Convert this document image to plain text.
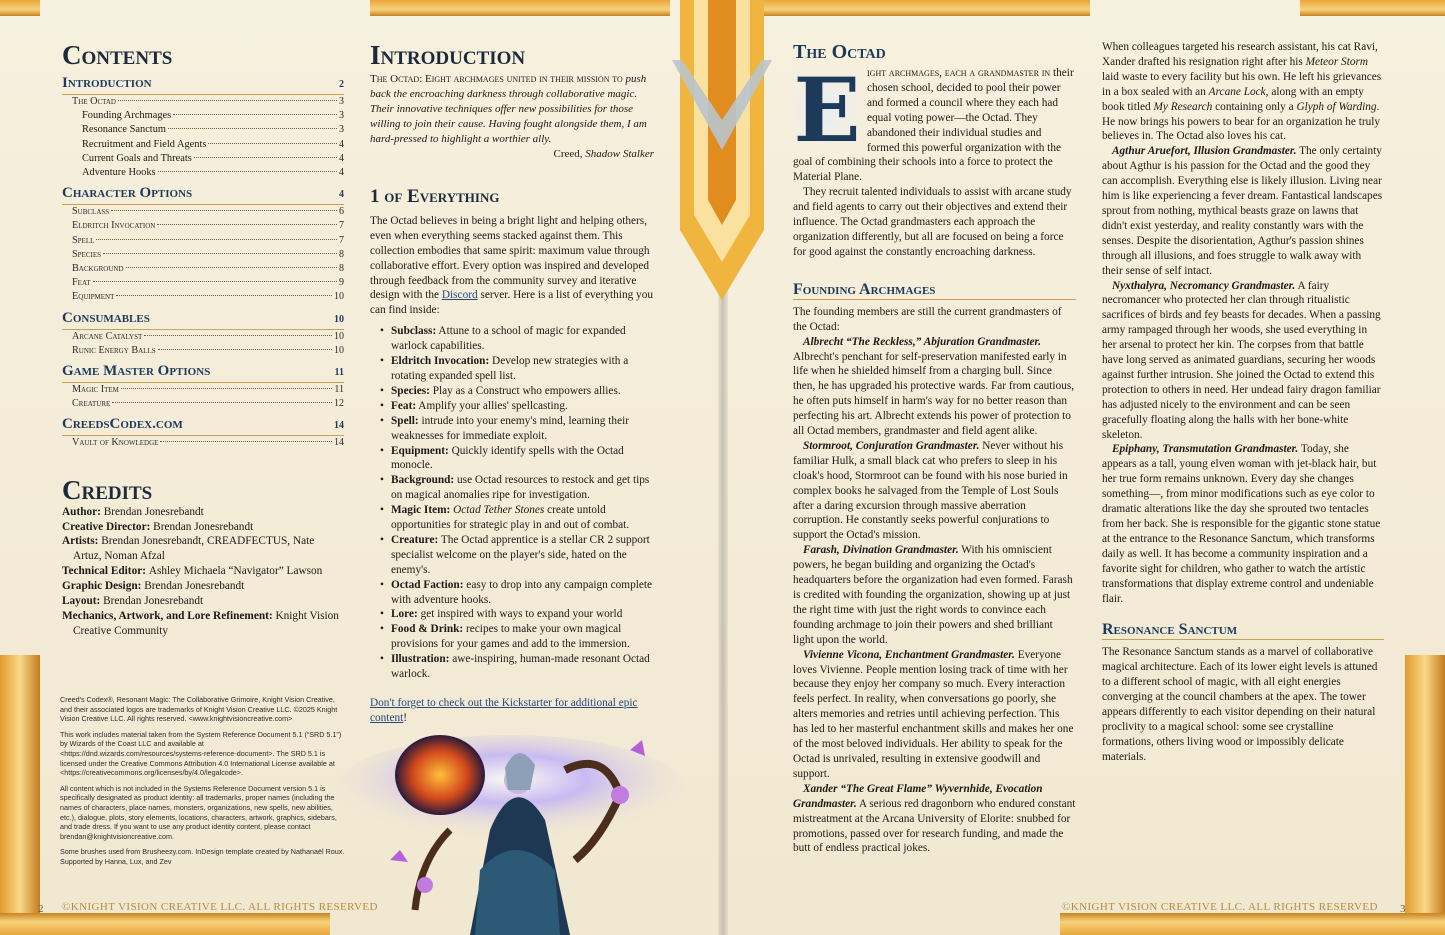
2 ©KNIGHT VISION CREATIVE LLC. ALL RIGHTS RESERVED	©KNIGHT VISION CREATIVE LLC. ALL RIGHTS RESERVED 3
Contents
Introduction	2
The Octad	3
Founding Archmages	3
Resonance Sanctum	3
Recruitment and Field Agents	4
Current Goals and Threats	4
Adventure Hooks	4
Character Options	4
Subclass	6
Eldritch Invocation	7
Spell	7
Species	8
Background	8
Feat	9
Equipment	10
Consumables	10
Arcane Catalyst	10
Runic Energy Balls	10
Game Master Options	11
Magic Item	11
Creature	12
CreedsCodex.com	14
Vault of Knowledge	14
Credits

Author: Brendan Jonesrebandt

Creative Director: Brendan Jonesrebandt

Artists: Brendan Jonesrebandt, CREADFECTUS, Nate Artuz, Noman Afzal

Technical Editor: Ashley Michaela “Navigator” Lawson

Graphic Design: Brendan Jonesrebandt

Layout: Brendan Jonesrebandt

Mechanics, Artwork, and Lore Refinement: Knight Vision Creative Community

Creed's Codex®, Resonant Magic: The Collaborative Grimoire, Knight Vision Creative, and their associated logos are trademarks of Knight Vision Creative LLC. ©2025 Knight Vision Creative LLC. All rights reserved. <www.knightvisioncreative.com>

This work includes material taken from the System Reference Document 5.1 (“SRD 5.1”) by Wizards of the Coast LLC and available at <https://dnd.wizards.com/resources/systems-reference-document>. The SRD 5.1 is licensed under the Creative Commons Attribution 4.0 International License available at <https://creativecommons.org/licenses/by/4.0/legalcode>.

All content which is not included in the Systems Reference Document version 5.1 is specifically designated as product identity: all trademarks, proper names (including the names of characters, place names, monsters, organizations, new spells, new abilities, etc.), dialogue, plots, story elements, locations, characters, artwork, graphics, sidebars, and trade dress. If you want to use any product identity content, please contact brendan@knightvisioncreative.com.

Some brushes used from Brusheezy.com. InDesign template created by Nathanaël Roux. Supported by Hanna, Lux, and Zev

Introduction
The Octad: Eight archmages united in their mission to push back the encroaching darkness through collaborative magic. Their innovative techniques offer new possibilities for those willing to join their cause. Having fought alongside them, I am hard-pressed to highlight a worthier ally.
Creed, Shadow Stalker
1 of Everything

The Octad believes in being a bright light and helping others, even when everything seems stacked against them. This collection embodies that same spirit: maximum value through collaborative effort. Every option was inspired and developed through feedback from the community survey and iterative design with the Discord server. Here is a list of everything you can find inside:

• Subclass: Attune to a school of magic for expanded warlock capabilities.
• Eldritch Invocation: Develop new strategies with a rotating expanded spell list.
• Species: Play as a Construct who empowers allies.
• Feat: Amplify your allies' spellcasting.
• Spell: intrude into your enemy's mind, learning their weaknesses for immediate exploit.
• Equipment: Quickly identify spells with the Octad monocle.
• Background: use Octad resources to restock and get tips on magical anomalies ripe for investigation.
• Magic Item: Octad Tether Stones create untold opportunities for strategic play in and out of combat.
• Creature: The Octad apprentice is a stellar CR 2 support specialist welcome on the player's side, hated on the enemy's.
• Octad Faction: easy to drop into any campaign complete with adventure hooks.
• Lore: get inspired with ways to expand your world
• Food & Drink: recipes to make your own magical provisions for your games and add to the immersion.
• Illustration: awe-inspiring, human-made resonant Octad warlock.

Don't forget to check out the Kickstarter for additional epic content!

The Octad

E ight archmages, each a grandmaster in their chosen school, decided to pool their power and formed a council where they each had equal voting power—the Octad. They abandoned their individual studies and formed this powerful organization with the goal of combining their schools into a force to protect the Material Plane.

They recruit talented individuals to assist with arcane study and field agents to carry out their objectives and extend their influence. The Octad grandmasters each approach the organization differently, but all are focused on being a force for good against the constantly encroaching darkness.

Founding Archmages

The founding members are still the current grandmasters of the Octad:

Albrecht “The Reckless,” Abjuration Grandmaster.
Albrecht's penchant for self-preservation manifested early in life when he shielded himself from a charging bull. Since then, he has upgraded his protective wards. Far from cautious, he often puts himself in harm's way for no better reason than perfecting his art. Albrecht extends his power of protection to all Octad members, grandmaster and field agent alike.

Stormroot, Conjuration Grandmaster. Never without his familiar Hulk, a small black cat who prefers to sleep in his cloak's hood, Stormroot can be found with his nose buried in complex books he salvaged from the Temple of Lost Souls after a daring excursion through massive aberration corruption. He constantly seeks powerful conjurations to support the Octad's mission.

Farash, Divination Grandmaster. With his omniscient powers, he began building and organizing the Octad's headquarters before the organization had even formed. Farash is credited with founding the organization, showing up at just the right time with just the right words to convince each founding archmage to join their powers and shed brilliant light upon the world.

Vivienne Vicona, Enchantment Grandmaster. Everyone loves Vivienne. People mention losing track of time with her because they enjoy her company so much. Every interaction feels perfect. In reality, when conversations go poorly, she alters memories and retries until achieving perfection. This has led to her masterful enchantment skills and makes her one of the most beloved individuals. Her ability to speak for the Octad is unrivaled, resulting in extensive goodwill and support.

Xander “The Great Flame” Wyvernhide, Evocation Grandmaster. A serious red dragonborn who endured constant mistreatment at the Arcana University of Elorite: snubbed for promotions, passed over for research funding, and made the butt of endless practical jokes.

When colleagues targeted his research assistant, his cat Ravi, Xander drafted his resignation right after his Meteor Storm laid waste to every facility but his own. He left his grievances in a box sealed with an Arcane Lock, along with an empty book titled My Research containing only a Glyph of Warding. He now brings his powers to bear for an organization he truly believes in. The Octad also loves his cat.

Agthur Aruefort, Illusion Grandmaster. The only certainty about Agthur is his passion for the Octad and the good they can accomplish. Everything else is likely illusion. Living near him is like experiencing a fever dream. Fantastical landscapes sprout from nothing, mythical beasts graze on lawns that didn't exist yesterday, and reality constantly wars with the senses. Despite the disorientation, Agthur's passion shines through all illusions, and foes struggle to walk away with their sense of self intact.

Nyxthalyra, Necromancy Grandmaster. A fairy necromancer who protected her clan through ritualistic sacrifices of birds and fey beasts for decades. When a passing army rampaged through her woods, she used everything in her arsenal to protect her kin. The corpses from that battle have long served as animated guardians, securing her woods against further intrusion. She joined the Octad to extend this protection to others in need. Her undead fairy dragon familiar has adjusted nicely to the environment and can be seen gracefully floating along the halls with her bone-white skeleton.

Epiphany, Transmutation Grandmaster. Today, she appears as a tall, young elven woman with jet-black hair, but her true form remains unknown. Every day she changes something—, from minor modifications such as eye color to dramatic alterations like the day she sprouted two tentacles from her back. She is responsible for the gigantic stone statue at the entrance to the Resonance Sanctum, which transforms daily as well. It has become a community inspiration and a favorite sight for children, who gather to watch the artistic transformations that display extreme control and undeniable flair.

Resonance Sanctum

The Resonance Sanctum stands as a marvel of collaborative magical architecture. Each of its lower eight levels is attuned to a different school of magic, with all eight energies converging at the council chambers at the apex. The tower appears differently to each visitor depending on their natural proclivity to a magical school: some see crystalline formations, others living wood or impossibly delicate materials.
